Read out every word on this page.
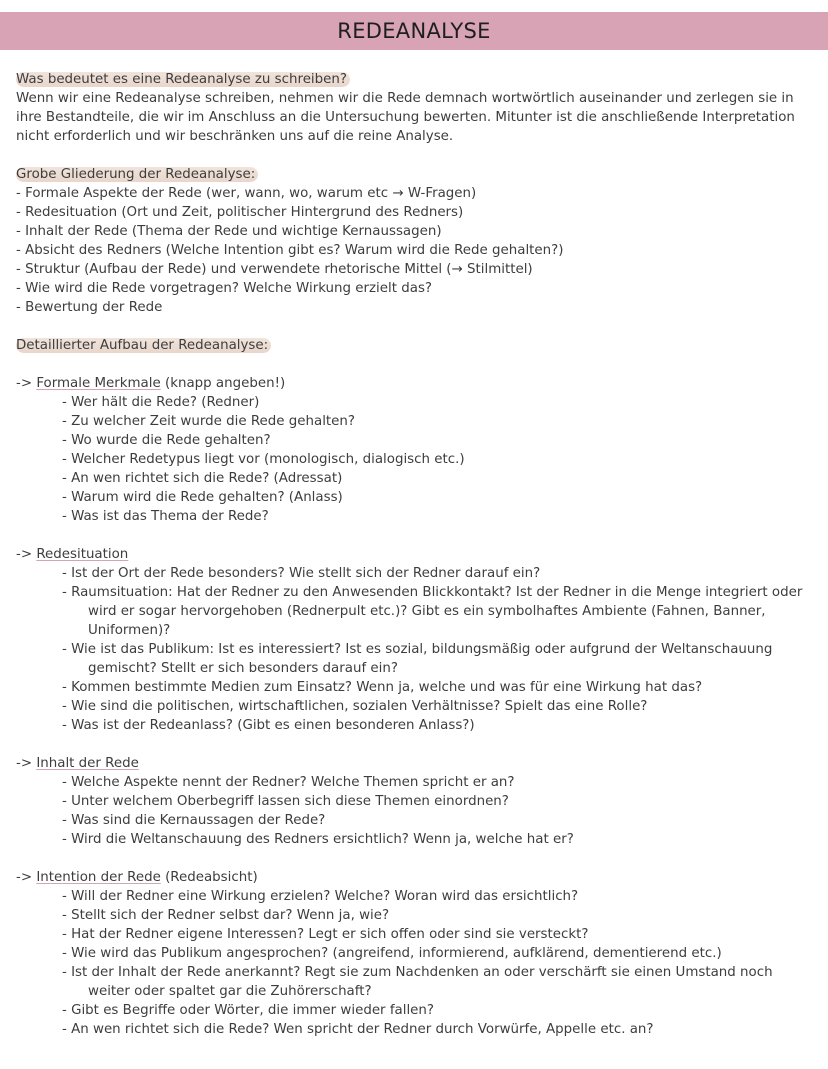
REDEANALYSE

Was bedeutet es eine Redeanalyse zu schreiben?

Wenn wir eine Redeanalyse schreiben, nehmen wir die Rede demnach wortwörtlich auseinander und zerlegen sie in

ihre Bestandteile, die wir im Anschluss an die Untersuchung bewerten. Mitunter ist die anschließende Interpretation

nicht erforderlich und wir beschränken uns auf die reine Analyse.

Grobe Gliederung der Redeanalyse:

- Formale Aspekte der Rede (wer, wann, wo, warum etc → W-Fragen)

- Redesituation (Ort und Zeit, politischer Hintergrund des Redners)

- Inhalt der Rede (Thema der Rede und wichtige Kernaussagen)

- Absicht des Redners (Welche Intention gibt es? Warum wird die Rede gehalten?)

- Struktur (Aufbau der Rede) und verwendete rhetorische Mittel (→ Stilmittel)

- Wie wird die Rede vorgetragen? Welche Wirkung erzielt das?

- Bewertung der Rede

Detaillierter Aufbau der Redeanalyse:

-> Formale Merkmale (knapp angeben!)

- Wer hält die Rede? (Redner)

- Zu welcher Zeit wurde die Rede gehalten?

- Wo wurde die Rede gehalten?

- Welcher Redetypus liegt vor (monologisch, dialogisch etc.)

- An wen richtet sich die Rede? (Adressat)

- Warum wird die Rede gehalten? (Anlass)

- Was ist das Thema der Rede?

-> Redesituation

- Ist der Ort der Rede besonders? Wie stellt sich der Redner darauf ein?

- Raumsituation: Hat der Redner zu den Anwesenden Blickkontakt? Ist der Redner in die Menge integriert oder

wird er sogar hervorgehoben (Rednerpult etc.)? Gibt es ein symbolhaftes Ambiente (Fahnen, Banner,

Uniformen)?

- Wie ist das Publikum: Ist es interessiert? Ist es sozial, bildungsmäßig oder aufgrund der Weltanschauung

gemischt? Stellt er sich besonders darauf ein?

- Kommen bestimmte Medien zum Einsatz? Wenn ja, welche und was für eine Wirkung hat das?

- Wie sind die politischen, wirtschaftlichen, sozialen Verhältnisse? Spielt das eine Rolle?

- Was ist der Redeanlass? (Gibt es einen besonderen Anlass?)

-> Inhalt der Rede

- Welche Aspekte nennt der Redner? Welche Themen spricht er an?

- Unter welchem Oberbegriff lassen sich diese Themen einordnen?

- Was sind die Kernaussagen der Rede?

- Wird die Weltanschauung des Redners ersichtlich? Wenn ja, welche hat er?

-> Intention der Rede (Redeabsicht)

- Will der Redner eine Wirkung erzielen? Welche? Woran wird das ersichtlich?

- Stellt sich der Redner selbst dar? Wenn ja, wie?

- Hat der Redner eigene Interessen? Legt er sich offen oder sind sie versteckt?

- Wie wird das Publikum angesprochen? (angreifend, informierend, aufklärend, dementierend etc.)

- Ist der Inhalt der Rede anerkannt? Regt sie zum Nachdenken an oder verschärft sie einen Umstand noch

weiter oder spaltet gar die Zuhörerschaft?

- Gibt es Begriffe oder Wörter, die immer wieder fallen?

- An wen richtet sich die Rede? Wen spricht der Redner durch Vorwürfe, Appelle etc. an?
